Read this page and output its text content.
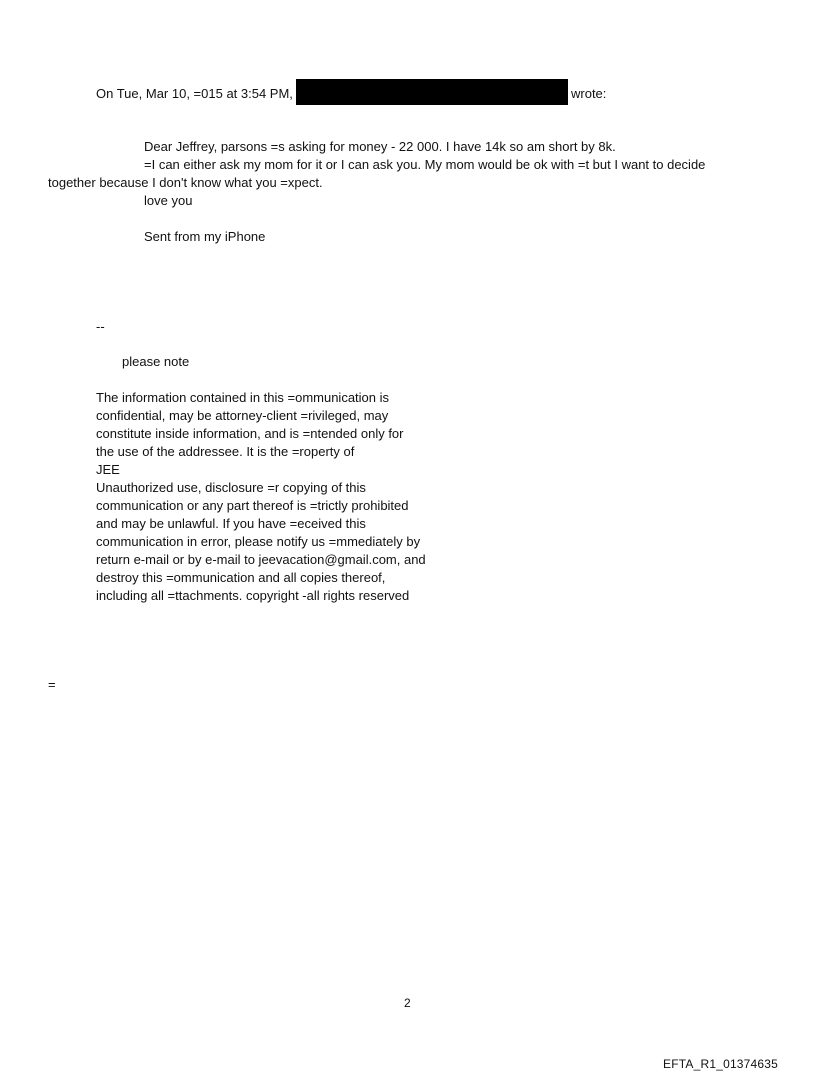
On Tue, Mar 10, =015 at 3:54 PM,	wrote:
Dear Jeffrey, parsons =s asking for money - 22 000. I have 14k so am short by 8k.
=I can either ask my mom for it or I can ask you. My mom would be ok with =t but I want to decide
together because I don't know what you =xpect.
love you
Sent from my iPhone
--
please note
The information contained in this =ommunication is
confidential, may be attorney-client =rivileged, may
constitute inside information, and is =ntended only for
the use of the addressee. It is the =roperty of
JEE
Unauthorized use, disclosure =r copying of this
communication or any part thereof is =trictly prohibited
and may be unlawful. If you have =eceived this
communication in error, please notify us =mmediately by
return e-mail or by e-mail to jeevacation@gmail.com, and
destroy this =ommunication and all copies thereof,
including all =ttachments. copyright -all rights reserved
=
2
EFTA_R1_01374635
